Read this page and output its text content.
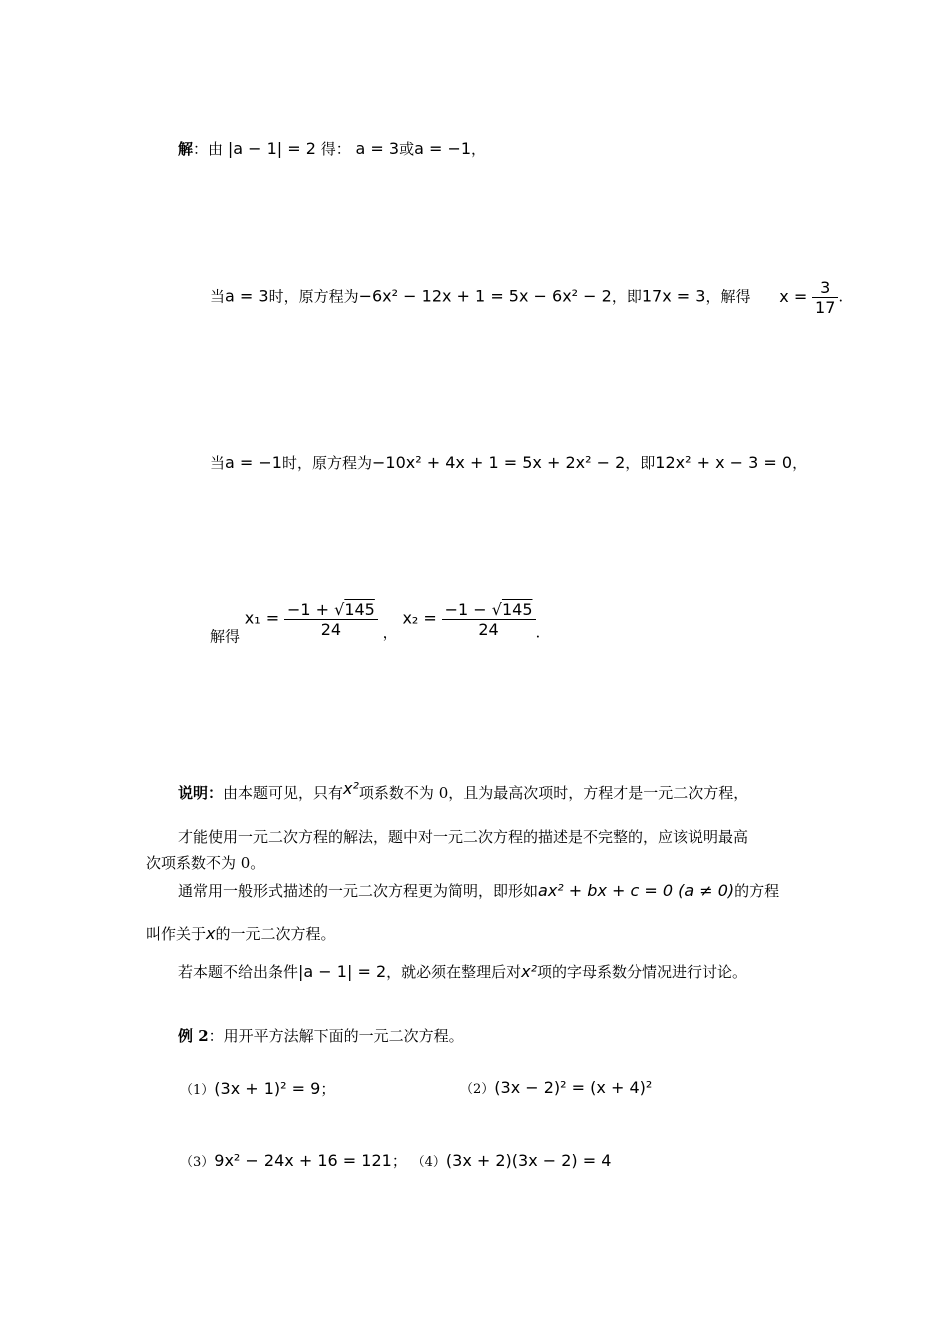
解：由 |a − 1| = 2 得： a = 3或a = −1，
当a = 3时，原方程为−6x² − 12x + 1 = 5x − 6x² − 2，即17x = 3，解得 $x = \frac{3}{17}$ .
当a = −1时，原方程为−10x² + 4x + 1 = 5x + 2x² − 2，即12x² + x − 3 = 0，
解得 $x_1 = \frac{-1 + √145}{24}$ ， $x_2 = \frac{-1 - √145}{24}$ .
说明：由本题可见，只有x²项系数不为 0，且为最高次项时，方程才是一元二次方程，
才能使用一元二次方程的解法，题中对一元二次方程的描述是不完整的，应该说明最高
次项系数不为 0。
通常用一般形式描述的一元二次方程更为简明，即形如ax² + bx + c = 0 (a ≠ 0)的方程
叫作关于x的一元二次方程。
若本题不给出条件|a − 1| = 2，就必须在整理后对x²项的字母系数分情况进行讨论。
例 2：用开平方法解下面的一元二次方程。
（1）(3x + 1)² = 9；	（2）(3x − 2)² = (x + 4)²
（3）9x² − 24x + 16 = 121； （4）(3x + 2)(3x − 2) = 4
